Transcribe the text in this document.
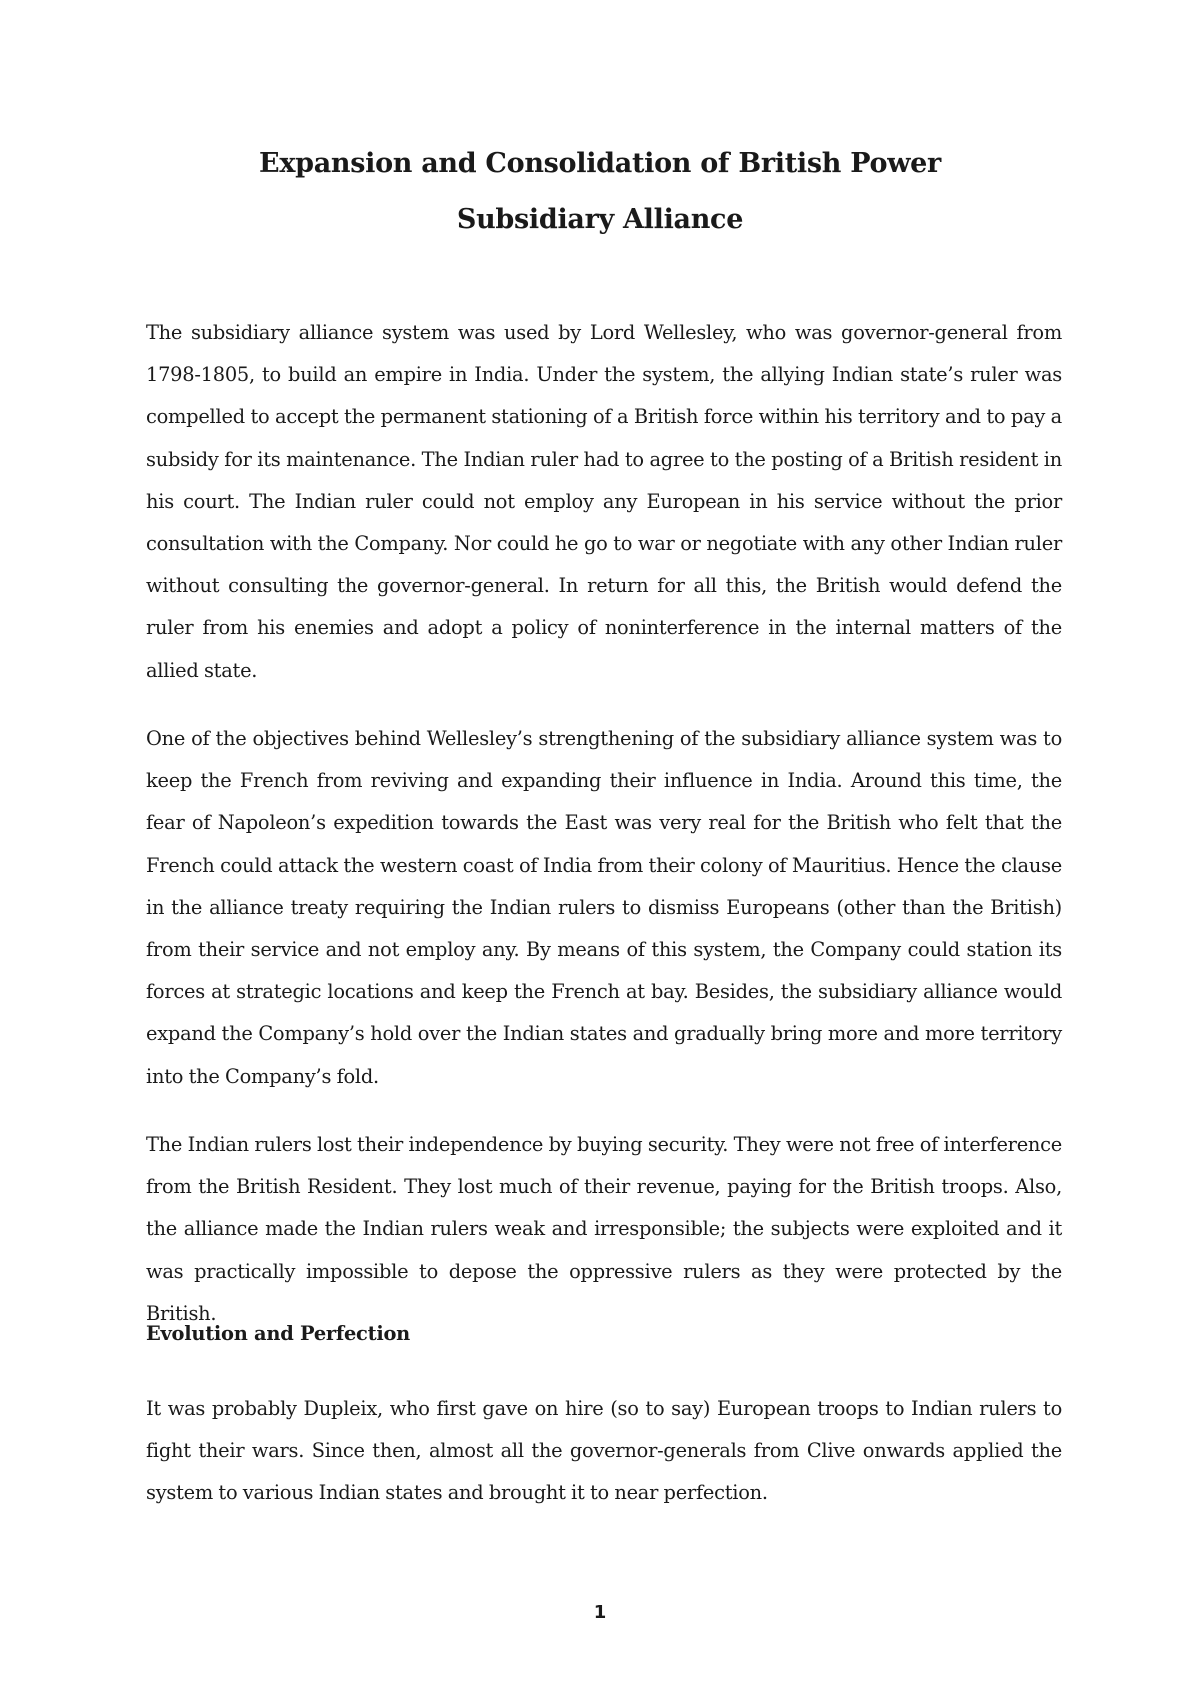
Expansion and Consolidation of British Power
Subsidiary Alliance

The subsidiary alliance system was used by Lord Wellesley, who was governor-general from 1798-1805, to build an empire in India. Under the system, the allying Indian state’s ruler was compelled to accept the permanent stationing of a British force within his territory and to pay a subsidy for its maintenance. The Indian ruler had to agree to the posting of a British resident in his court. The Indian ruler could not employ any European in his service without the prior consultation with the Company. Nor could he go to war or negotiate with any other Indian ruler without consulting the governor-general. In return for all this, the British would defend the ruler from his enemies and adopt a policy of noninterference in the internal matters of the allied state.

One of the objectives behind Wellesley’s strengthening of the subsidiary alliance system was to keep the French from reviving and expanding their influence in India. Around this time, the fear of Napoleon’s expedition towards the East was very real for the British who felt that the French could attack the western coast of India from their colony of Mauritius. Hence the clause in the alliance treaty requiring the Indian rulers to dismiss Europeans (other than the British) from their service and not employ any. By means of this system, the Company could station its forces at strategic locations and keep the French at bay. Besides, the subsidiary alliance would expand the Company’s hold over the Indian states and gradually bring more and more territory into the Company’s fold.

The Indian rulers lost their independence by buying security. They were not free of interference from the British Resident. They lost much of their revenue, paying for the British troops. Also, the alliance made the Indian rulers weak and irresponsible; the subjects were exploited and it was practically impossible to depose the oppressive rulers as they were protected by the British.

Evolution and Perfection

It was probably Dupleix, who first gave on hire (so to say) European troops to Indian rulers to fight their wars. Since then, almost all the governor-generals from Clive onwards applied the system to various Indian states and brought it to near perfection.

1
